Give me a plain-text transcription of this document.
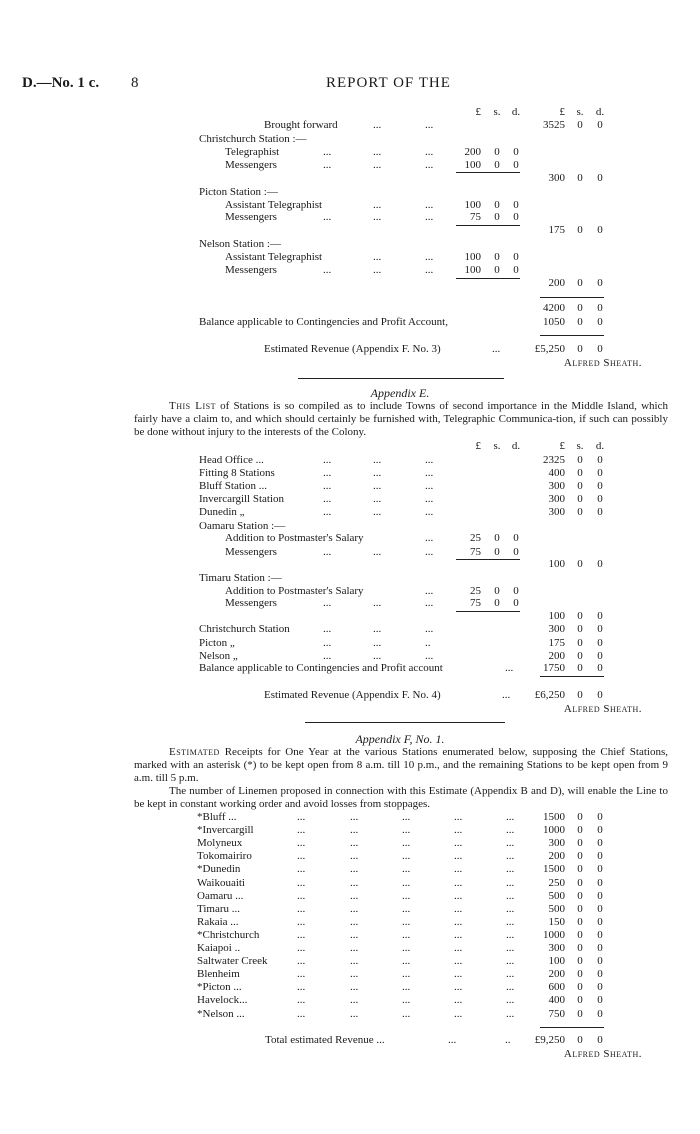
D.—No. 1 c. 8	REPORT OF THE
Appendix E.
This List of Stations is so compiled as to include Towns of second importance in the Middle Island, which fairly have a claim to, and which should certainly be furnished with, Telegraphic Communica-tion, if such can possibly be done without injury to the interests of the Colony.
Appendix F, No. 1.
Estimated Receipts for One Year at the various Stations enumerated below, supposing the Chief Stations, marked with an asterisk (*) to be kept open from 8 a.m. till 10 p.m., and the remaining Stations to be kept open from 9 a.m. till 5 p.m.
The number of Linemen proposed in connection with this Estimate (Appendix B and D), will enable the Line to be kept in constant working order and avoid losses from stoppages.
£	s.	d.	£	s.	d.
Brought forward	...	...	3525	0	0
Christchurch Station :—
Telegraphist	...	...	...	200	0	0
Messengers	...	...	...	100	0	0
300	0	0
Picton Station :—
Assistant Telegraphist	...	...	100	0	0
Messengers	...	...	...	75	0	0
175	0	0
Nelson Station :—
Assistant Telegraphist	...	...	100	0	0
Messengers	...	...	...	100	0	0
200	0	0
4200	0	0
Balance applicable to Contingencies and Profit Account,	1050	0	0
Estimated Revenue (Appendix F. No. 3)	...	£5,250	0	0
Alfred Sheath.
£	s.	d.	£	s.	d.
Head Office ...	...	...	...	2325	0	0
Fitting 8 Stations	...	...	...	400	0	0
Bluff Station ...	...	...	...	300	0	0
Invercargill Station	...	...	...	300	0	0
Dunedin „	...	...	...	300	0	0
Oamaru Station :—
Addition to Postmaster's Salary	...	25	0	0
Messengers	...	...	...	75	0	0
100	0	0
Timaru Station :—
Addition to Postmaster's Salary	...	25	0	0
Messengers	...	...	...	75	0	0
100	0	0
Christchurch Station	...	...	...	300	0	0
Picton „	...	...	..	175	0	0
Nelson „	...	...	...	200	0	0
Balance applicable to Contingencies and Profit account	...	1750	0	0
Estimated Revenue (Appendix F. No. 4)	...	£6,250	0	0
Alfred Sheath.
*Bluff ...	...	...	...	...	...	1500	0	0
*Invercargill	...	...	...	...	...	1000	0	0
Molyneux	...	...	...	...	...	300	0	0
Tokomairiro	...	...	...	...	...	200	0	0
*Dunedin	...	...	...	...	...	1500	0	0
Waikouaiti	...	...	...	...	...	250	0	0
Oamaru ...	...	...	...	...	...	500	0	0
Timaru ...	...	...	...	...	...	500	0	0
Rakaia ...	...	...	...	...	...	150	0	0
*Christchurch	...	...	...	...	...	1000	0	0
Kaiapoi ..	...	...	...	...	...	300	0	0
Saltwater Creek	...	...	...	...	...	100	0	0
Blenheim	...	...	...	...	...	200	0	0
*Picton ...	...	...	...	...	...	600	0	0
Havelock...	...	...	...	...	...	400	0	0
*Nelson ...	...	...	...	...	...	750	0	0
Total estimated Revenue ...	...	..	£9,250	0	0
Alfred Sheath.
